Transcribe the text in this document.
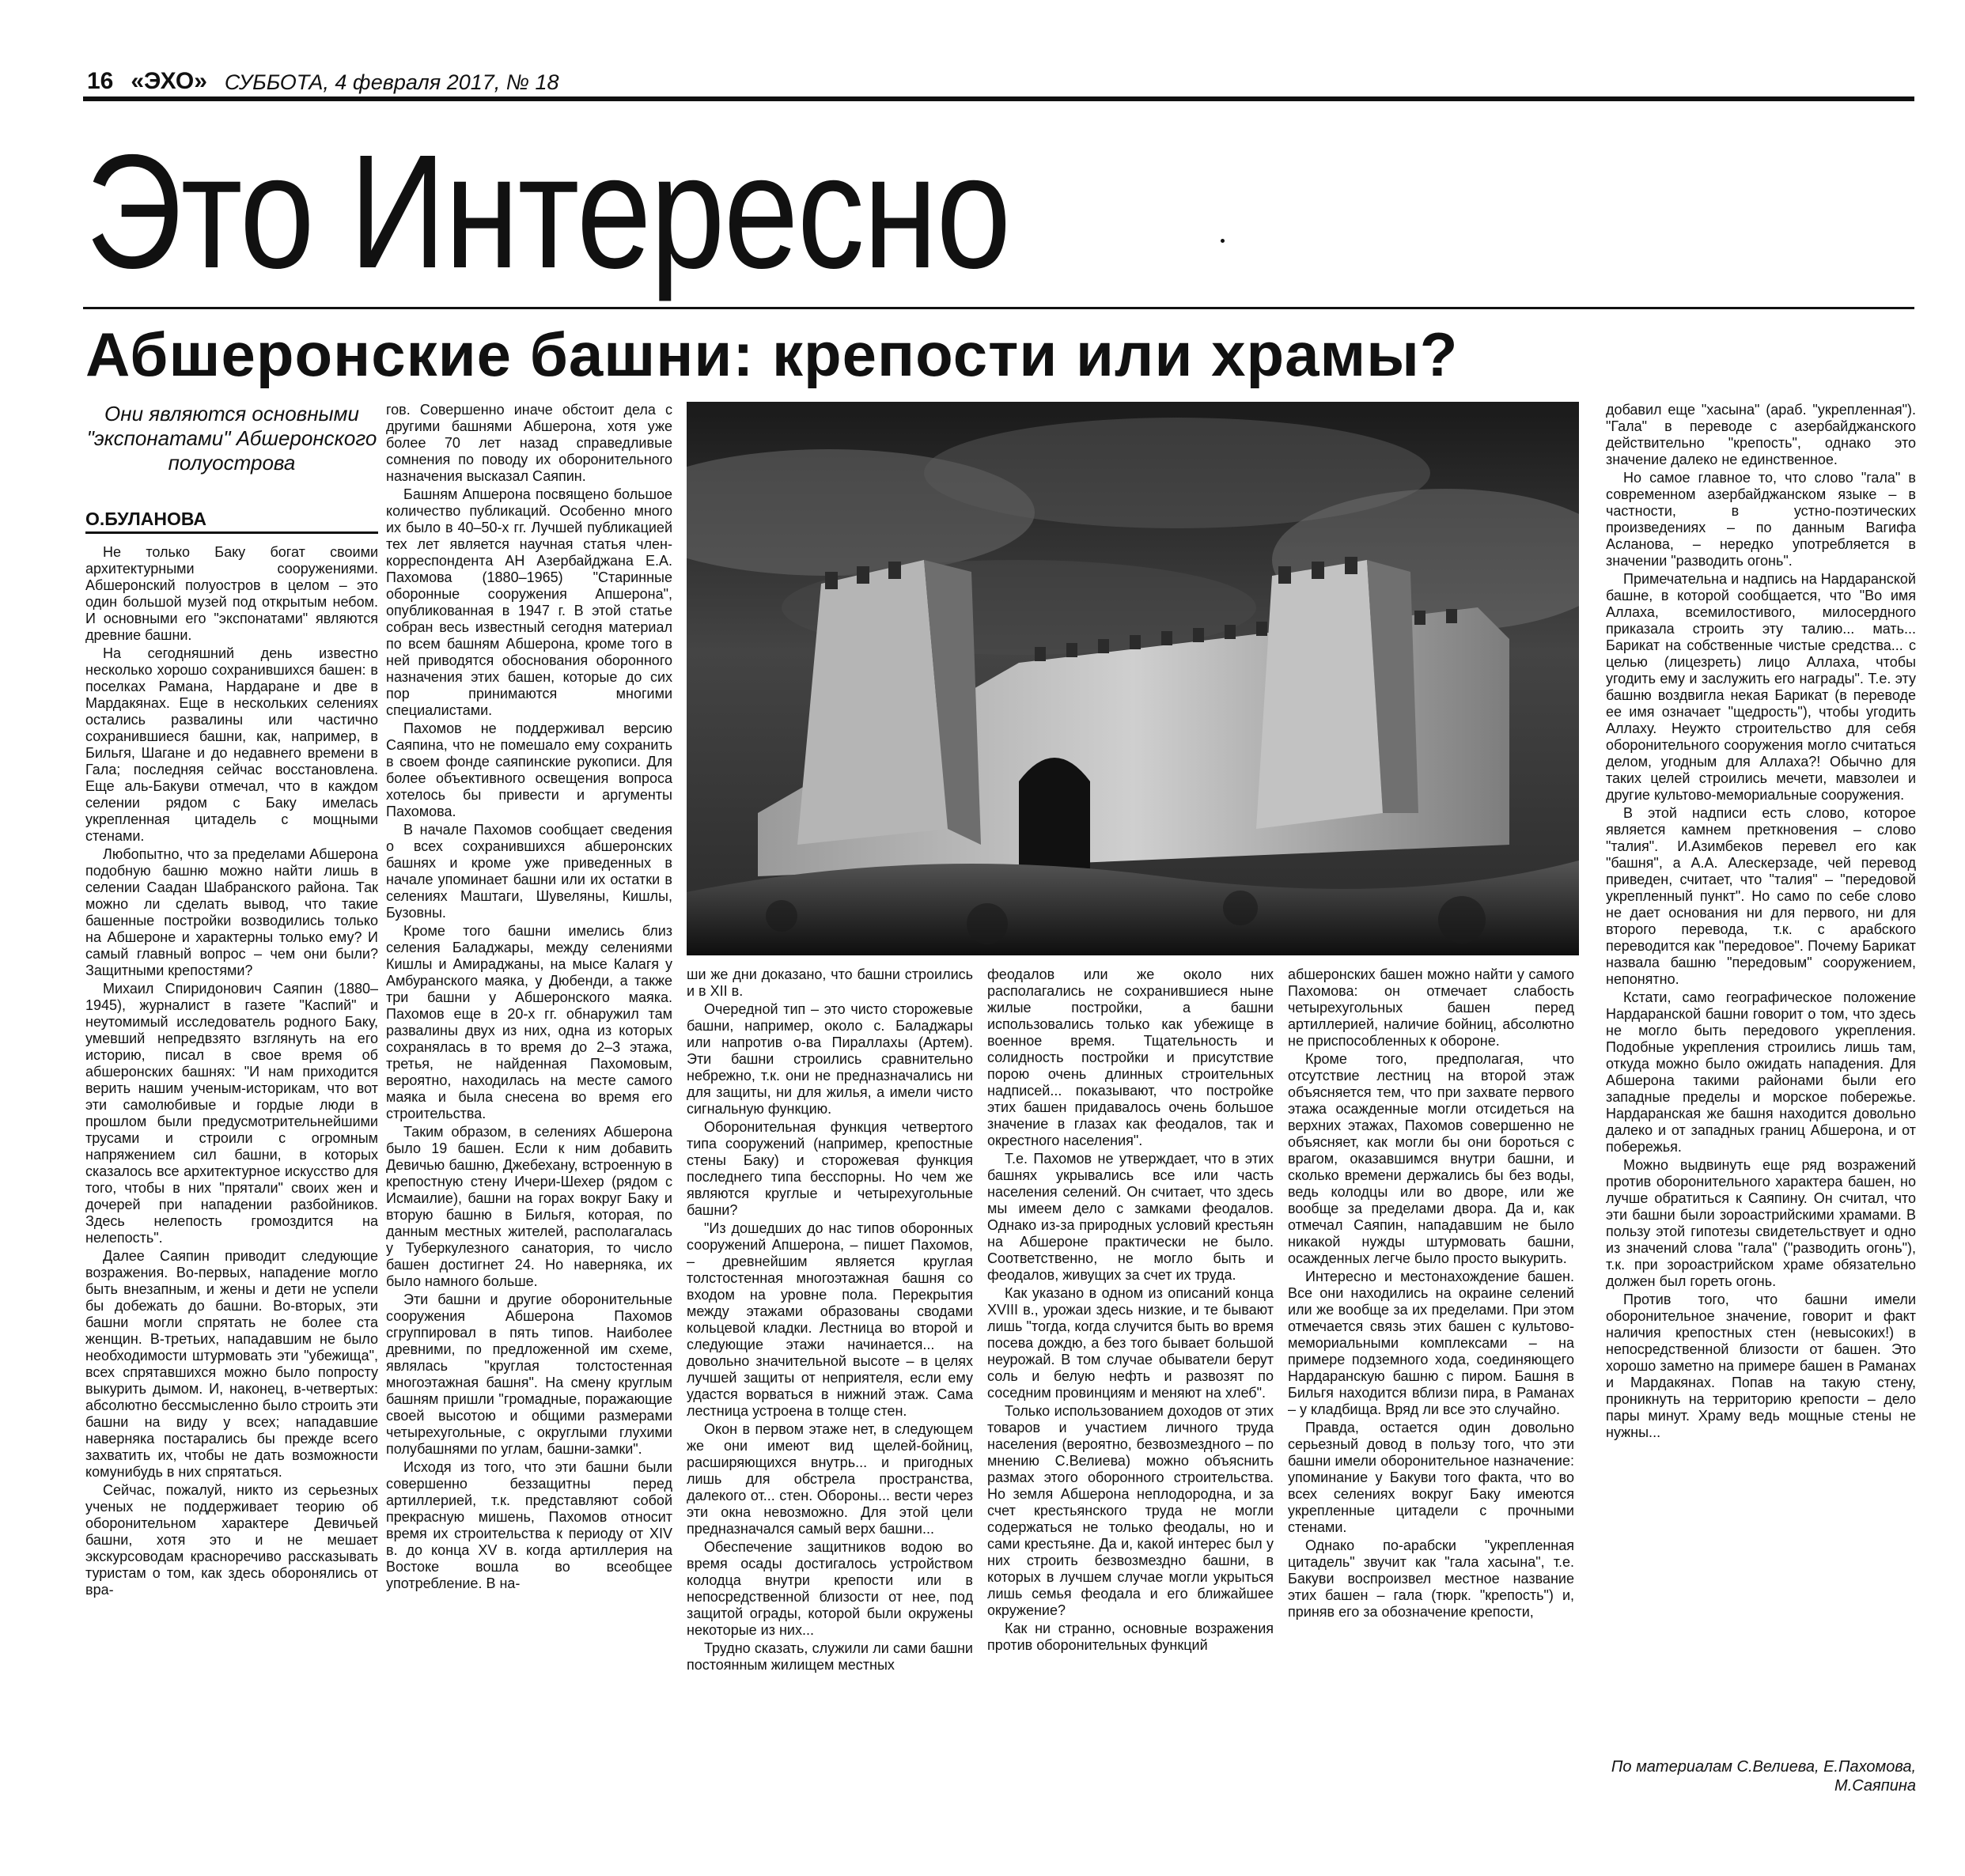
16 «ЭХО» СУББОТА, 4 февраля 2017, № 18
Это Интересно
Абшеронские башни: крепости или храмы?
Они являются основными "экспонатами" Абшеронского полуострова
О.БУЛАНОВА

Не только Баку богат своими архитектурными сооружениями. Абшеронский полуостров в целом – это один большой музей под открытым небом. И основными его "экспонатами" являются древние башни.

На сегодняшний день известно несколько хорошо сохранившихся башен: в поселках Рамана, Нардаране и две в Мардакянах. Еще в нескольких селениях остались развалины или частично сохранившиеся башни, как, например, в Бильгя, Шагане и до недавнего времени в Гала; последняя сейчас восстановлена. Еще аль-Бакуви отмечал, что в каждом селении рядом с Баку имелась укрепленная цитадель с мощными стенами.

Любопытно, что за пределами Абшерона подобную башню можно найти лишь в селении Саадан Шабранского района. Так можно ли сделать вывод, что такие башенные постройки возводились только на Абшероне и характерны только ему? И самый главный вопрос – чем они были? Защитными крепостями?

Михаил Спиридонович Саяпин (1880–1945), журналист в газете "Каспий" и неутомимый исследователь родного Баку, умевший непредвзято взглянуть на его историю, писал в свое время об абшеронских башнях: "И нам приходится верить нашим ученым-историкам, что вот эти самолюбивые и гордые люди в прошлом были предусмотрительнейшими трусами и строили с огромным напряжением сил башни, в которых сказалось все архитектурное искусство для того, чтобы в них "прятали" своих жен и дочерей при нападении разбойников. Здесь нелепость громоздится на нелепость".

Далее Саяпин приводит следующие возражения. Во-первых, нападение могло быть внезапным, и жены и дети не успели бы добежать до башни. Во-вторых, эти башни могли спрятать не более ста женщин. В-третьих, нападавшим не было необходимости штурмовать эти "убежища", всех спрятавшихся можно было попросту выкурить дымом. И, наконец, в-четвертых: абсолютно бессмысленно было строить эти башни на виду у всех; нападавшие наверняка постарались бы прежде всего захватить их, чтобы не дать возможности комунибудь в них спрятаться.

Сейчас, пожалуй, никто из серьезных ученых не поддерживает теорию об оборонительном характере Девичьей башни, хотя это и не мешает экскурсоводам красноречиво рассказывать туристам о том, как здесь оборонялись от вра-

гов. Совершенно иначе обстоит дела с другими башнями Абшерона, хотя уже более 70 лет назад справедливые сомнения по поводу их оборонительного назначения высказал Саяпин.

Башням Апшерона посвящено большое количество публикаций. Особенно много их было в 40–50-х гг. Лучшей публикацией тех лет является научная статья член-корреспондента АН Азербайджана Е.А. Пахомова (1880–1965) "Старинные оборонные сооружения Апшерона", опубликованная в 1947 г. В этой статье собран весь известный сегодня материал по всем башням Абшерона, кроме того в ней приводятся обоснования оборонного назначения этих башен, которые до сих пор принимаются многими специалистами.

Пахомов не поддерживал версию Саяпина, что не помешало ему сохранить в своем фонде саяпинские рукописи. Для более объективного освещения вопроса хотелось бы привести и аргументы Пахомова.

В начале Пахомов сообщает сведения о всех сохранившихся абшеронских башнях и кроме уже приведенных в начале упоминает башни или их остатки в селениях Маштаги, Шувеляны, Кишлы, Бузовны.

Кроме того башни имелись близ селения Баладжары, между селениями Кишлы и Амираджаны, на мысе Калагя у Амбуранского маяка, у Дюбенди, а также три башни у Абшеронского маяка. Пахомов еще в 20-х гг. обнаружил там развалины двух из них, одна из которых сохранялась в то время до 2–3 этажа, третья, не найденная Пахомовым, вероятно, находилась на месте самого маяка и была снесена во время его строительства.

Таким образом, в селениях Абшерона было 19 башен. Если к ним добавить Девичью башню, Джебехану, встроенную в крепостную стену Ичери-Шехер (рядом с Исмаилие), башни на горах вокруг Баку и вторую башню в Бильгя, которая, по данным местных жителей, располагалась у Туберкулезного санатория, то число башен достигнет 24. Но наверняка, их было намного больше.

Эти башни и другие оборонительные сооружения Абшерона Пахомов сгруппировал в пять типов. Наиболее древними, по предложенной им схеме, являлась "круглая толстостенная многоэтажная башня". На смену круглым башням пришли "громадные, поражающие своей высотою и общими размерами четырехугольные, с округлыми глухими полубашнями по углам, башни-замки".

Исходя из того, что эти башни были совершенно беззащитны перед артиллерией, т.к. представляют собой прекрасную мишень, Пахомов относит время их строительства к периоду от XIV в. до конца XV в. когда артиллерия на Востоке вошла во всеобщее употребление. В на-

ши же дни доказано, что башни строились и в XII в.

Очередной тип – это чисто сторожевые башни, например, около с. Баладжары или напротив о-ва Пираллахы (Артем). Эти башни строились сравнительно небрежно, т.к. они не предназначались ни для защиты, ни для жилья, а имели чисто сигнальную функцию.

Оборонительная функция четвертого типа сооружений (например, крепостные стены Баку) и сторожевая функция последнего типа бесспорны. Но чем же являются круглые и четырехугольные башни?

"Из дошедших до нас типов оборонных сооружений Апшерона, – пишет Пахомов, – древнейшим является круглая толстостенная многоэтажная башня со входом на уровне пола. Перекрытия между этажами образованы сводами кольцевой кладки. Лестница во второй и следующие этажи начинается... на довольно значительной высоте – в целях лучшей защиты от неприятеля, если ему удастся ворваться в нижний этаж. Сама лестница устроена в толще стен.

Окон в первом этаже нет, в следующем же они имеют вид щелей-бойниц, расширяющихся внутрь... и пригодных лишь для обстрела пространства, далекого от... стен. Обороны... вести через эти окна невозможно. Для этой цели предназначался самый верх башни...

Обеспечение защитников водою во время осады достигалось устройством колодца внутри крепости или в непосредственной близости от нее, под защитой ограды, которой были окружены некоторые из них...

Трудно сказать, служили ли сами башни постоянным жилищем местных

феодалов или же около них располагались не сохранившиеся ныне жилые постройки, а башни использовались только как убежище в военное время. Тщательность и солидность постройки и присутствие порою очень длинных строительных надписей... показывают, что постройке этих башен придавалось очень большое значение в глазах как феодалов, так и окрестного населения".

Т.е. Пахомов не утверждает, что в этих башнях укрывались все или часть населения селений. Он считает, что здесь мы имеем дело с замками феодалов. Однако из-за природных условий крестьян на Абшероне практически не было. Соответственно, не могло быть и феодалов, живущих за счет их труда.

Как указано в одном из описаний конца XVIII в., урожаи здесь низкие, и те бывают лишь "тогда, когда случится быть во время посева дождю, а без того бывает большой неурожай. В том случае обыватели берут соль и белую нефть и развозят по соседним провинциям и меняют на хлеб".

Только использованием доходов от этих товаров и участием личного труда населения (вероятно, безвозмездного – по мнению С.Велиева) можно объяснить размах этого оборонного строительства. Но земля Абшерона неплодородна, и за счет крестьянского труда не могли содержаться не только феодалы, но и сами крестьяне. Да и, какой интерес был у них строить безвозмездно башни, в которых в лучшем случае могли укрыться лишь семья феодала и его ближайшее окружение?

Как ни странно, основные возражения против оборонительных функций

абшеронских башен можно найти у самого Пахомова: он отмечает слабость четырехугольных башен перед артиллерией, наличие бойниц, абсолютно не приспособленных к обороне.

Кроме того, предполагая, что отсутствие лестниц на второй этаж объясняется тем, что при захвате первого этажа осажденные могли отсидеться на верхних этажах, Пахомов совершенно не объясняет, как могли бы они бороться с врагом, оказавшимся внутри башни, и сколько времени держались бы без воды, ведь колодцы или во дворе, или же вообще за пределами двора. Да и, как отмечал Саяпин, нападавшим не было никакой нужды штурмовать башни, осажденных легче было просто выкурить.

Интересно и местонахождение башен. Все они находились на окраине селений или же вообще за их пределами. При этом отмечается связь этих башен с культово-мемориальными комплексами – на примере подземного хода, соединяющего Нардаранскую башню с пиром. Башня в Бильгя находится вблизи пира, в Раманах – у кладбища. Вряд ли все это случайно.

Правда, остается один довольно серьезный довод в пользу того, что эти башни имели оборонительное назначение: упоминание у Бакуви того факта, что во всех селениях вокруг Баку имеются укрепленные цитадели с прочными стенами.

Однако по-арабски "укрепленная цитадель" звучит как "гала хасына", т.е. Бакуви воспроизвел местное название этих башен – гала (тюрк. "крепость") и, приняв его за обозначение крепости,

добавил еще "хасына" (араб. "укрепленная"). "Гала" в переводе с азербайджанского действительно "крепость", однако это значение далеко не единственное.

Но самое главное то, что слово "гала" в современном азербайджанском языке – в частности, в устно-поэтических произведениях – по данным Вагифа Асланова, – нередко употребляется в значении "разводить огонь".

Примечательна и надпись на Нардаранской башне, в которой сообщается, что "Во имя Аллаха, всемилостивого, милосердного приказала строить эту талию... мать... Барикат на собственные чистые средства... с целью (лицезреть) лицо Аллаха, чтобы угодить ему и заслужить его награды". Т.е. эту башню воздвигла некая Барикат (в переводе ее имя означает "щедрость"), чтобы угодить Аллаху. Неужто строительство для себя оборонительного сооружения могло считаться делом, угодным для Аллаха?! Обычно для таких целей строились мечети, мавзолеи и другие культово-мемориальные сооружения.

В этой надписи есть слово, которое является камнем преткновения – слово "талия". И.Азимбеков перевел его как "башня", а А.А. Алескерзаде, чей перевод приведен, считает, что "талия" – "передовой укрепленный пункт". Но само по себе слово не дает основания ни для первого, ни для второго перевода, т.к. с арабского переводится как "передовое". Почему Барикат назвала башню "передовым" сооружением, непонятно.

Кстати, само географическое положение Нардаранской башни говорит о том, что здесь не могло быть передового укрепления. Подобные укрепления строились лишь там, откуда можно было ожидать нападения. Для Абшерона такими районами были его западные пределы и морское побережье. Нардаранская же башня находится довольно далеко и от западных границ Абшерона, и от побережья.

Можно выдвинуть еще ряд возражений против оборонительного характера башен, но лучше обратиться к Саяпину. Он считал, что эти башни были зороастрийскими храмами. В пользу этой гипотезы свидетельствует и одно из значений слова "гала" ("разводить огонь"), т.к. при зороастрийском храме обязательно должен был гореть огонь.

Против того, что башни имели оборонительное значение, говорит и факт наличия крепостных стен (невысоких!) в непосредственной близости от башен. Это хорошо заметно на примере башен в Раманах и Мардакянах. Попав на такую стену, проникнуть на территорию крепости – дело пары минут. Храму ведь мощные стены не нужны...

По материалам С.Велиева, Е.Пахомова, М.Саяпина
